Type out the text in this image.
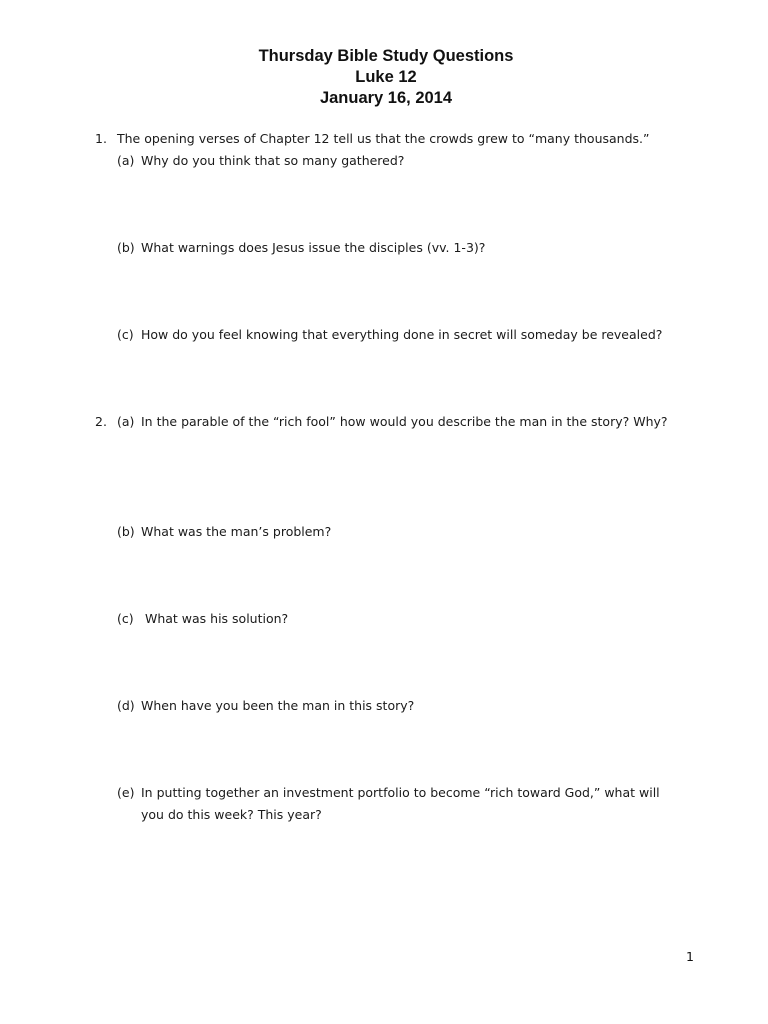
Thursday Bible Study Questions
Luke 12
January 16, 2014
1. The opening verses of Chapter 12 tell us that the crowds grew to “many thousands.”
(a) Why do you think that so many gathered?
(b) What warnings does Jesus issue the disciples (vv. 1-3)?
(c) How do you feel knowing that everything done in secret will someday be revealed?
2. (a) In the parable of the “rich fool” how would you describe the man in the story? Why?
(b) What was the man’s problem?
(c) What was his solution?
(d) When have you been the man in this story?
(e) In putting together an investment portfolio to become “rich toward God,” what will you do this week? This year?
1
